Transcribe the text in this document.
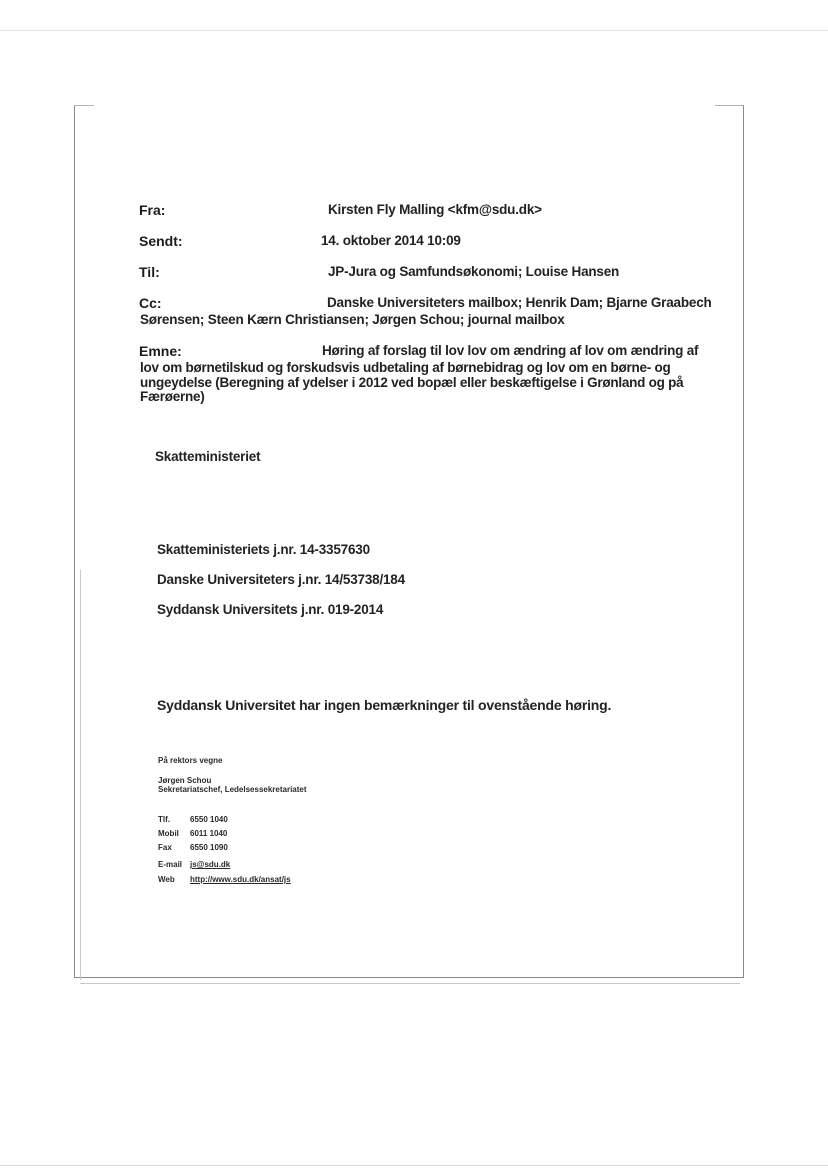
Fra:	Kirsten Fly Malling <kfm@sdu.dk>
Sendt:	14. oktober 2014 10:09
Til:	JP-Jura og Samfundsøkonomi; Louise Hansen
Cc:	Danske Universiteters mailbox; Henrik Dam; Bjarne Graabech
Sørensen; Steen Kærn Christiansen; Jørgen Schou; journal mailbox
Emne:	Høring af forslag til lov lov om ændring af lov om ændring af
lov om børnetilskud og forskudsvis udbetaling af børnebidrag og lov om en børne- og
ungeydelse (Beregning af ydelser i 2012 ved bopæl eller beskæftigelse i Grønland og på
Færøerne)
Skatteministeriet
Skatteministeriets j.nr. 14-3357630
Danske Universiteters j.nr. 14/53738/184
Syddansk Universitets j.nr. 019-2014
Syddansk Universitet har ingen bemærkninger til ovenstående høring.
På rektors vegne
Jørgen Schou
Sekretariatschef, Ledelsessekretariatet
Tlf.	6550 1040
Mobil 6011 1040
Fax 6550 1090
E-mail js@sdu.dk
Web http://www.sdu.dk/ansat/js
